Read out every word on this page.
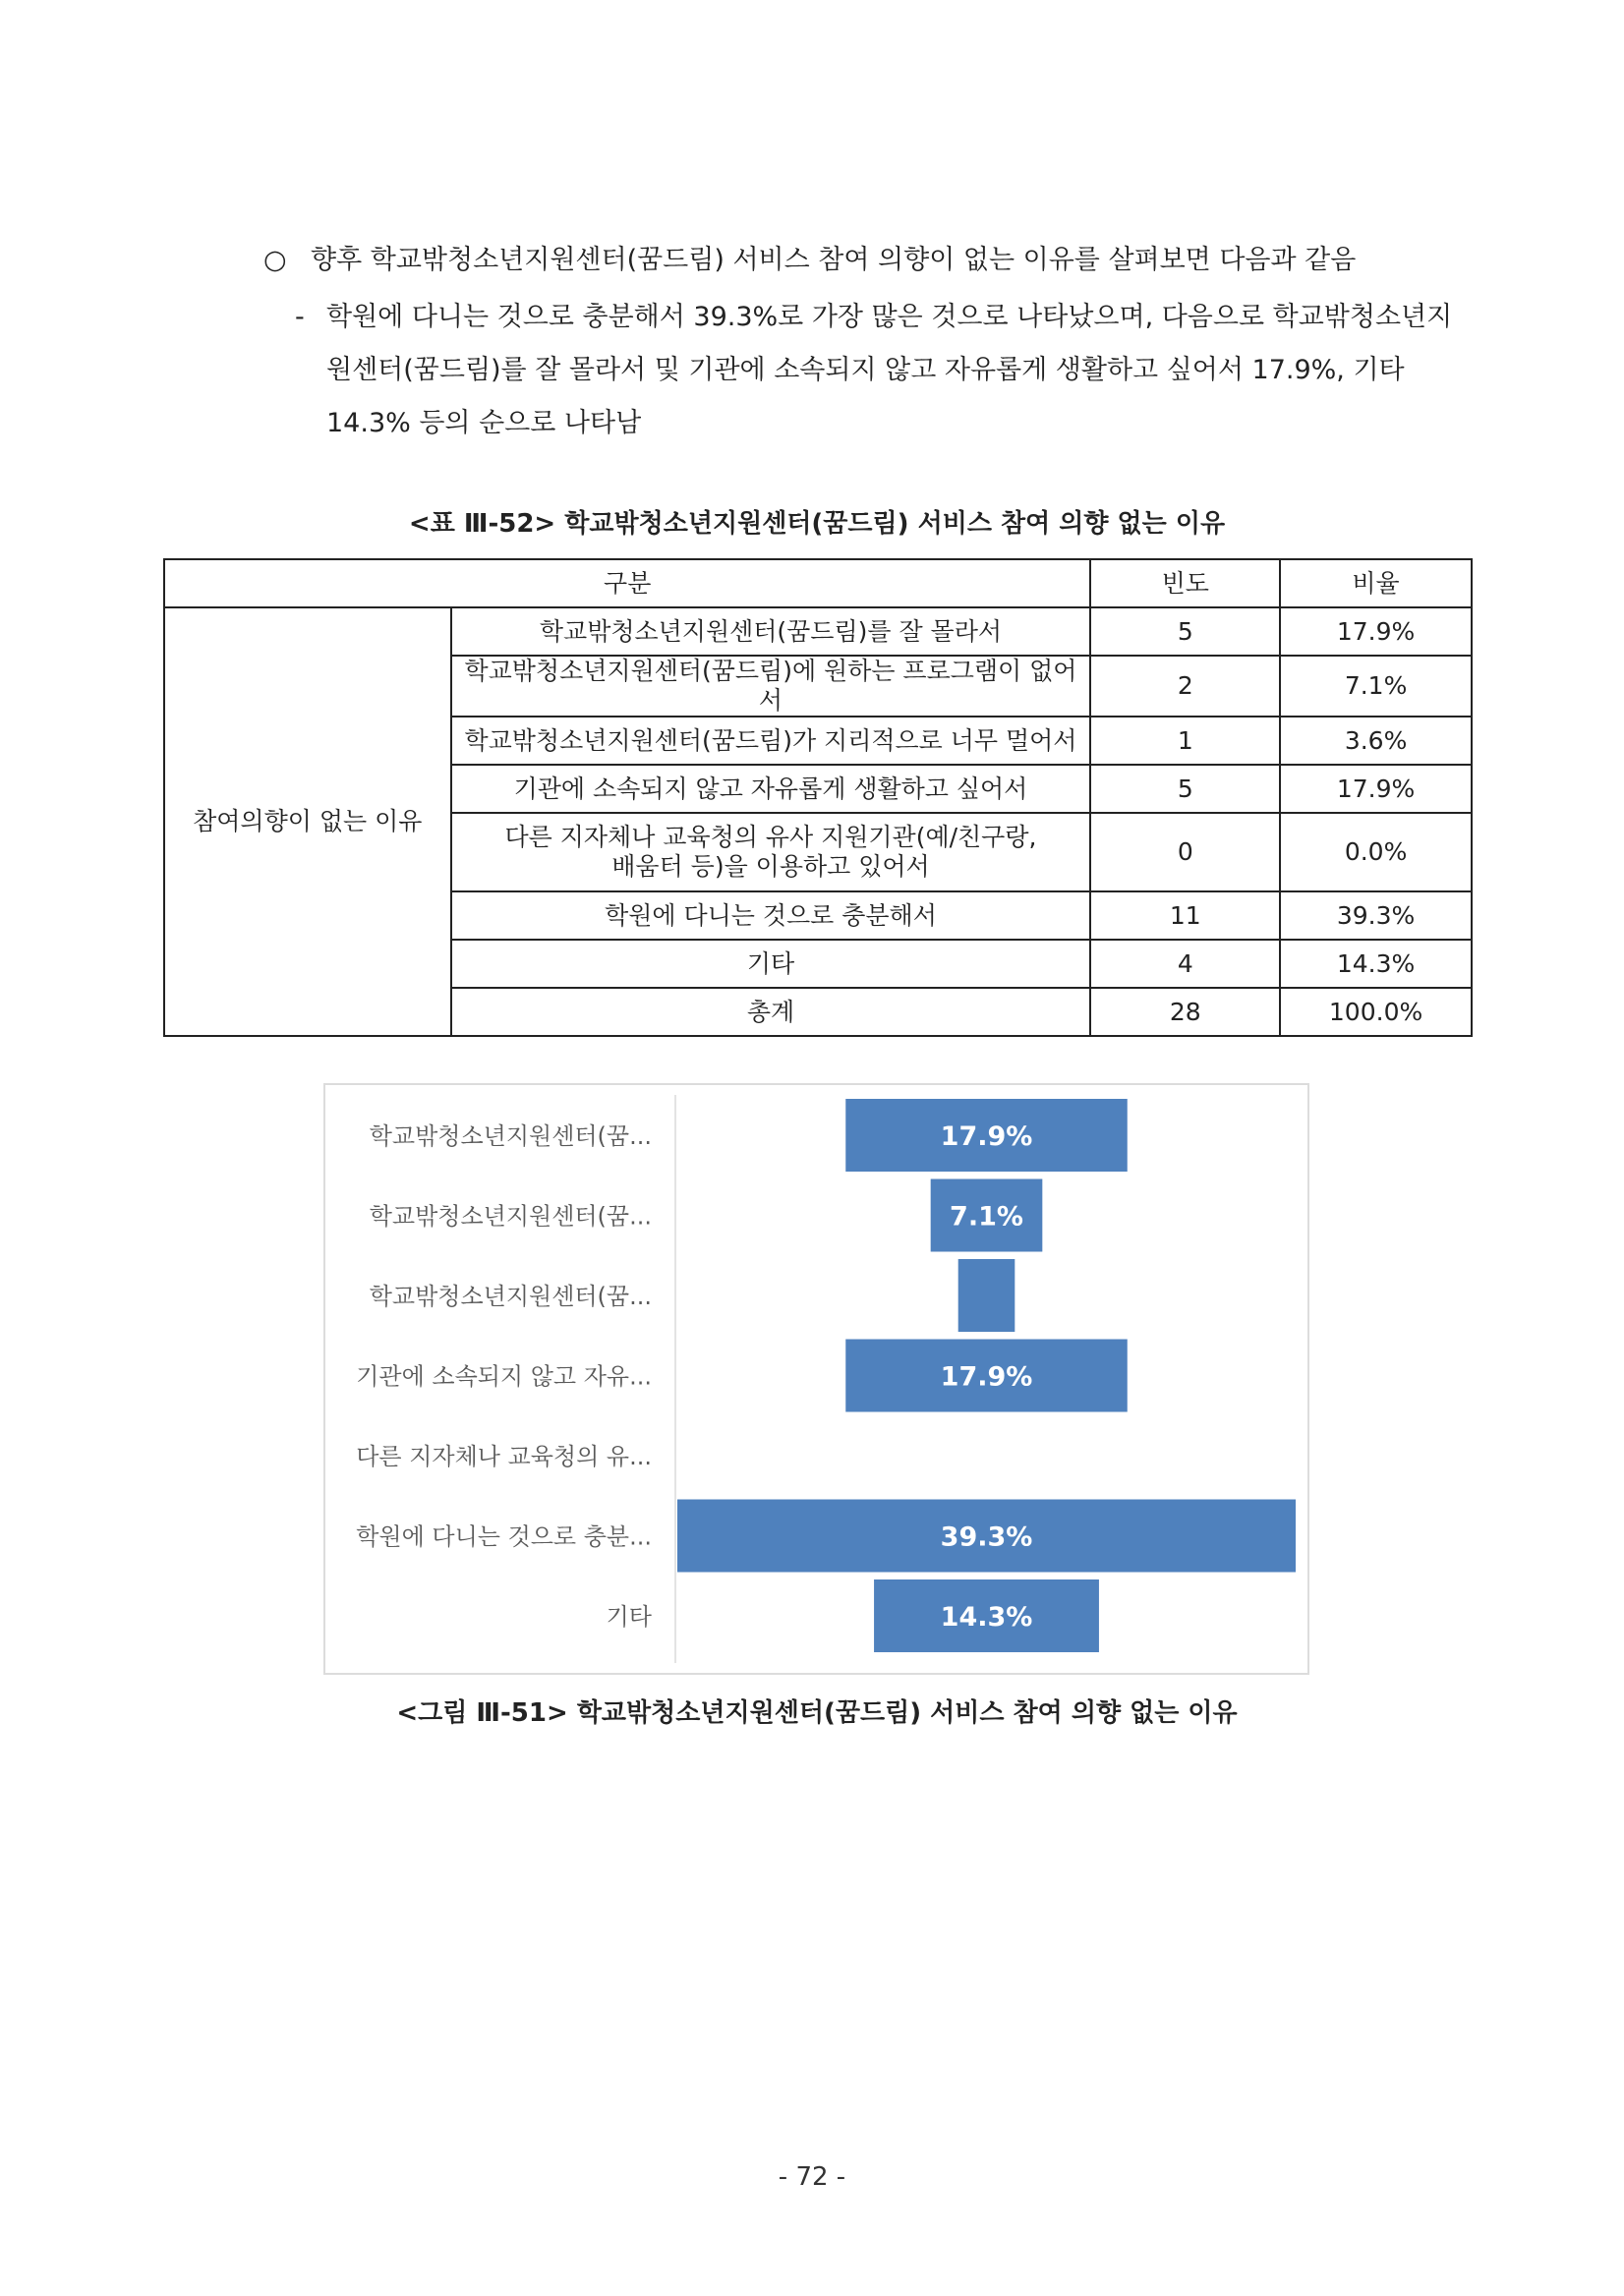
○ 향후 학교밖청소년지원센터(꿈드림) 서비스 참여 의향이 없는 이유를 살펴보면 다음과 같음
- 학원에 다니는 것으로 충분해서 39.3%로 가장 많은 것으로 나타났으며, 다음으로 학교밖청소년지원센터(꿈드림)를 잘 몰라서 및 기관에 소속되지 않고 자유롭게 생활하고 싶어서 17.9%, 기타 14.3% 등의 순으로 나타남
<표 Ⅲ-52> 학교밖청소년지원센터(꿈드림) 서비스 참여 의향 없는 이유
구분		빈도	비율
참여의향이 없는 이유	학교밖청소년지원센터(꿈드림)를 잘 몰라서	5	17.9%
	학교밖청소년지원센터(꿈드림)에 원하는 프로그램이 없어서	2	7.1%
	학교밖청소년지원센터(꿈드림)가 지리적으로 너무 멀어서	1	3.6%
	기관에 소속되지 않고 자유롭게 생활하고 싶어서	5	17.9%

	다른 지자체나 교육청의 유사 지원기관(예/친구랑,
배움터 등)을 이용하고 있어서	0	0.0%
	학원에 다니는 것으로 충분해서	11	39.3%
	기타	4	14.3%
	총계	28	100.0%
학교밖청소년지원센터(꿈...	17.9%
학교밖청소년지원센터(꿈...	7.1%
학교밖청소년지원센터(꿈...
기관에 소속되지 않고 자유...	17.9%
다른 지자체나 교육청의 유...
학원에 다니는 것으로 충분...	39.3%
기타	14.3%
<그림 Ⅲ-51> 학교밖청소년지원센터(꿈드림) 서비스 참여 의향 없는 이유
- 72 -
